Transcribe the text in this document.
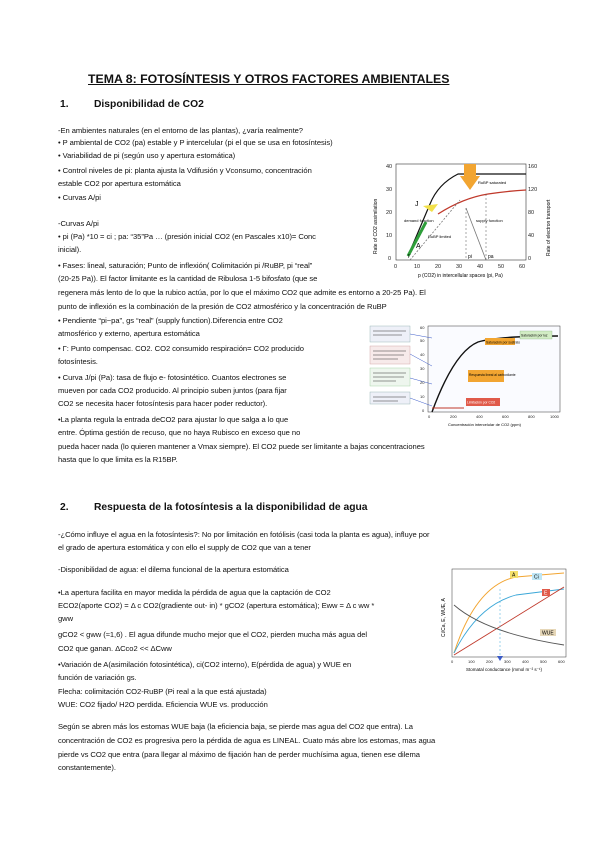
TEMA 8: FOTOSÍNTESIS Y OTROS FACTORES AMBIENTALES
1. Disponibilidad de CO2
-En ambientes naturales (en el entorno de las plantas), ¿varía realmente?
• P ambiental de CO2 (pa) estable y P intercelular (pi el que se usa en fotosíntesis)
• Variabilidad de pi (según uso y apertura estomática)
• Control niveles de pi: planta ajusta la Vdifusión y Vconsumo, concentración
estable CO2 por apertura estomática
• Curvas A/pi
-Curvas A/pi
• pi (Pa) *10 = ci ; pa: “35”Pa … (presión inicial CO2 (en Pascales x10)= Conc
inicial).
• Fases: lineal, saturación; Punto de inflexión( Colimitación pi /RuBP, pi “real”
(20-25 Pa)). El factor limitante es la cantidad de Ribulosa 1-5 bifosfato (que se
regenera más lento de lo que la rubico actúa, por lo que el máximo CO2 que admite es entorno a 20-25 Pa). El
punto de inflexión es la combinación de la presión de CO2 atmosférico y la concentración de RuBP
• Pendiente “pi−pa”, gs “real” (supply function).Diferencia entre CO2
atmosférico y externo, apertura estomática
• Γ: Punto compensac. CO2. CO2 consumido respiración= CO2 producido
fotosíntesis.
• Curva J/pi (Pa): tasa de flujo e- fotosintético. Cuantos electrones se
mueven por cada CO2 producido. Al principio suben juntos (para fijar
CO2 se necesita hacer fotosíntesis para hacer poder reductor).
•La planta regula la entrada deCO2 para ajustar lo que salga a lo que
entre. Óptima gestión de recuso, que no haya Rubisco en exceso que no
pueda hacer nada (lo quieren mantener a Vmax siempre). El CO2 puede ser limitante a bajas concentraciones
hasta que lo que limita es la R15BP.
J
A
RuBP saturated
RuBP limited
demand function	supply function
Γ	pa
pi
0	10	20	30	40	50	60
0
10
20
30
40
0
40
80
120
160
p (CO2) in intercellular spaces (pi, Pa)
Rate of CO2 assimilation	Rate of electron transport
Saturación por sustrato
Saturación por luz
Respuesta lineal al carboxilante
Limitación por CO2
0	200	400	600	800	1000
0
10
20
30
40
50
60
Concentración intercelular de CO2 (ppm)
2. Respuesta de la fotosíntesis a la disponibilidad de agua
-¿Cómo influye el agua en la fotosíntesis?: No por limitación en fotólisis (casi toda la planta es agua), influye por
el grado de apertura estomática y con ello el supply de CO2 que van a tener
-Disponibilidad de agua: el dilema funcional de la apertura estomática
•La apertura facilita en mayor medida la pérdida de agua que la captación de CO2
ECO2(aporte CO2) = Δ c CO2(gradiente out- in) * gCO2 (apertura estomática); Eww = Δ c ww *
gww
gCO2 < gww (≈1,6) . El agua difunde mucho mejor que el CO2, pierden mucha más agua del
CO2 que ganan. ΔCco2 << ΔCww
•Variación de A(asimilación fotosintética), ci(CO2 interno), E(pérdida de agua) y WUE en
función de variación gs.
Flecha: colimitación CO2-RuBP (Pi real a la que está ajustada)
WUE: CO2 fijado/ H2O perdida. Eficiencia WUE vs. producción
Según se abren más los estomas WUE baja (la eficiencia baja, se pierde mas agua del CO2 que entra). La
concentración de CO2 es progresiva pero la pérdida de agua es LINEAL. Cuato más abre los estomas, mas agua
pierde vs CO2 que entra (para llegar al máximo de fijación han de perder muchísima agua, tienen ese dilema
constantemente).
A	Ci
E
WUE
0	100	200	300	400	500	600
Stomatal conductance (mmol m⁻² s⁻¹)
Ci/Ca, E, WUE, A
